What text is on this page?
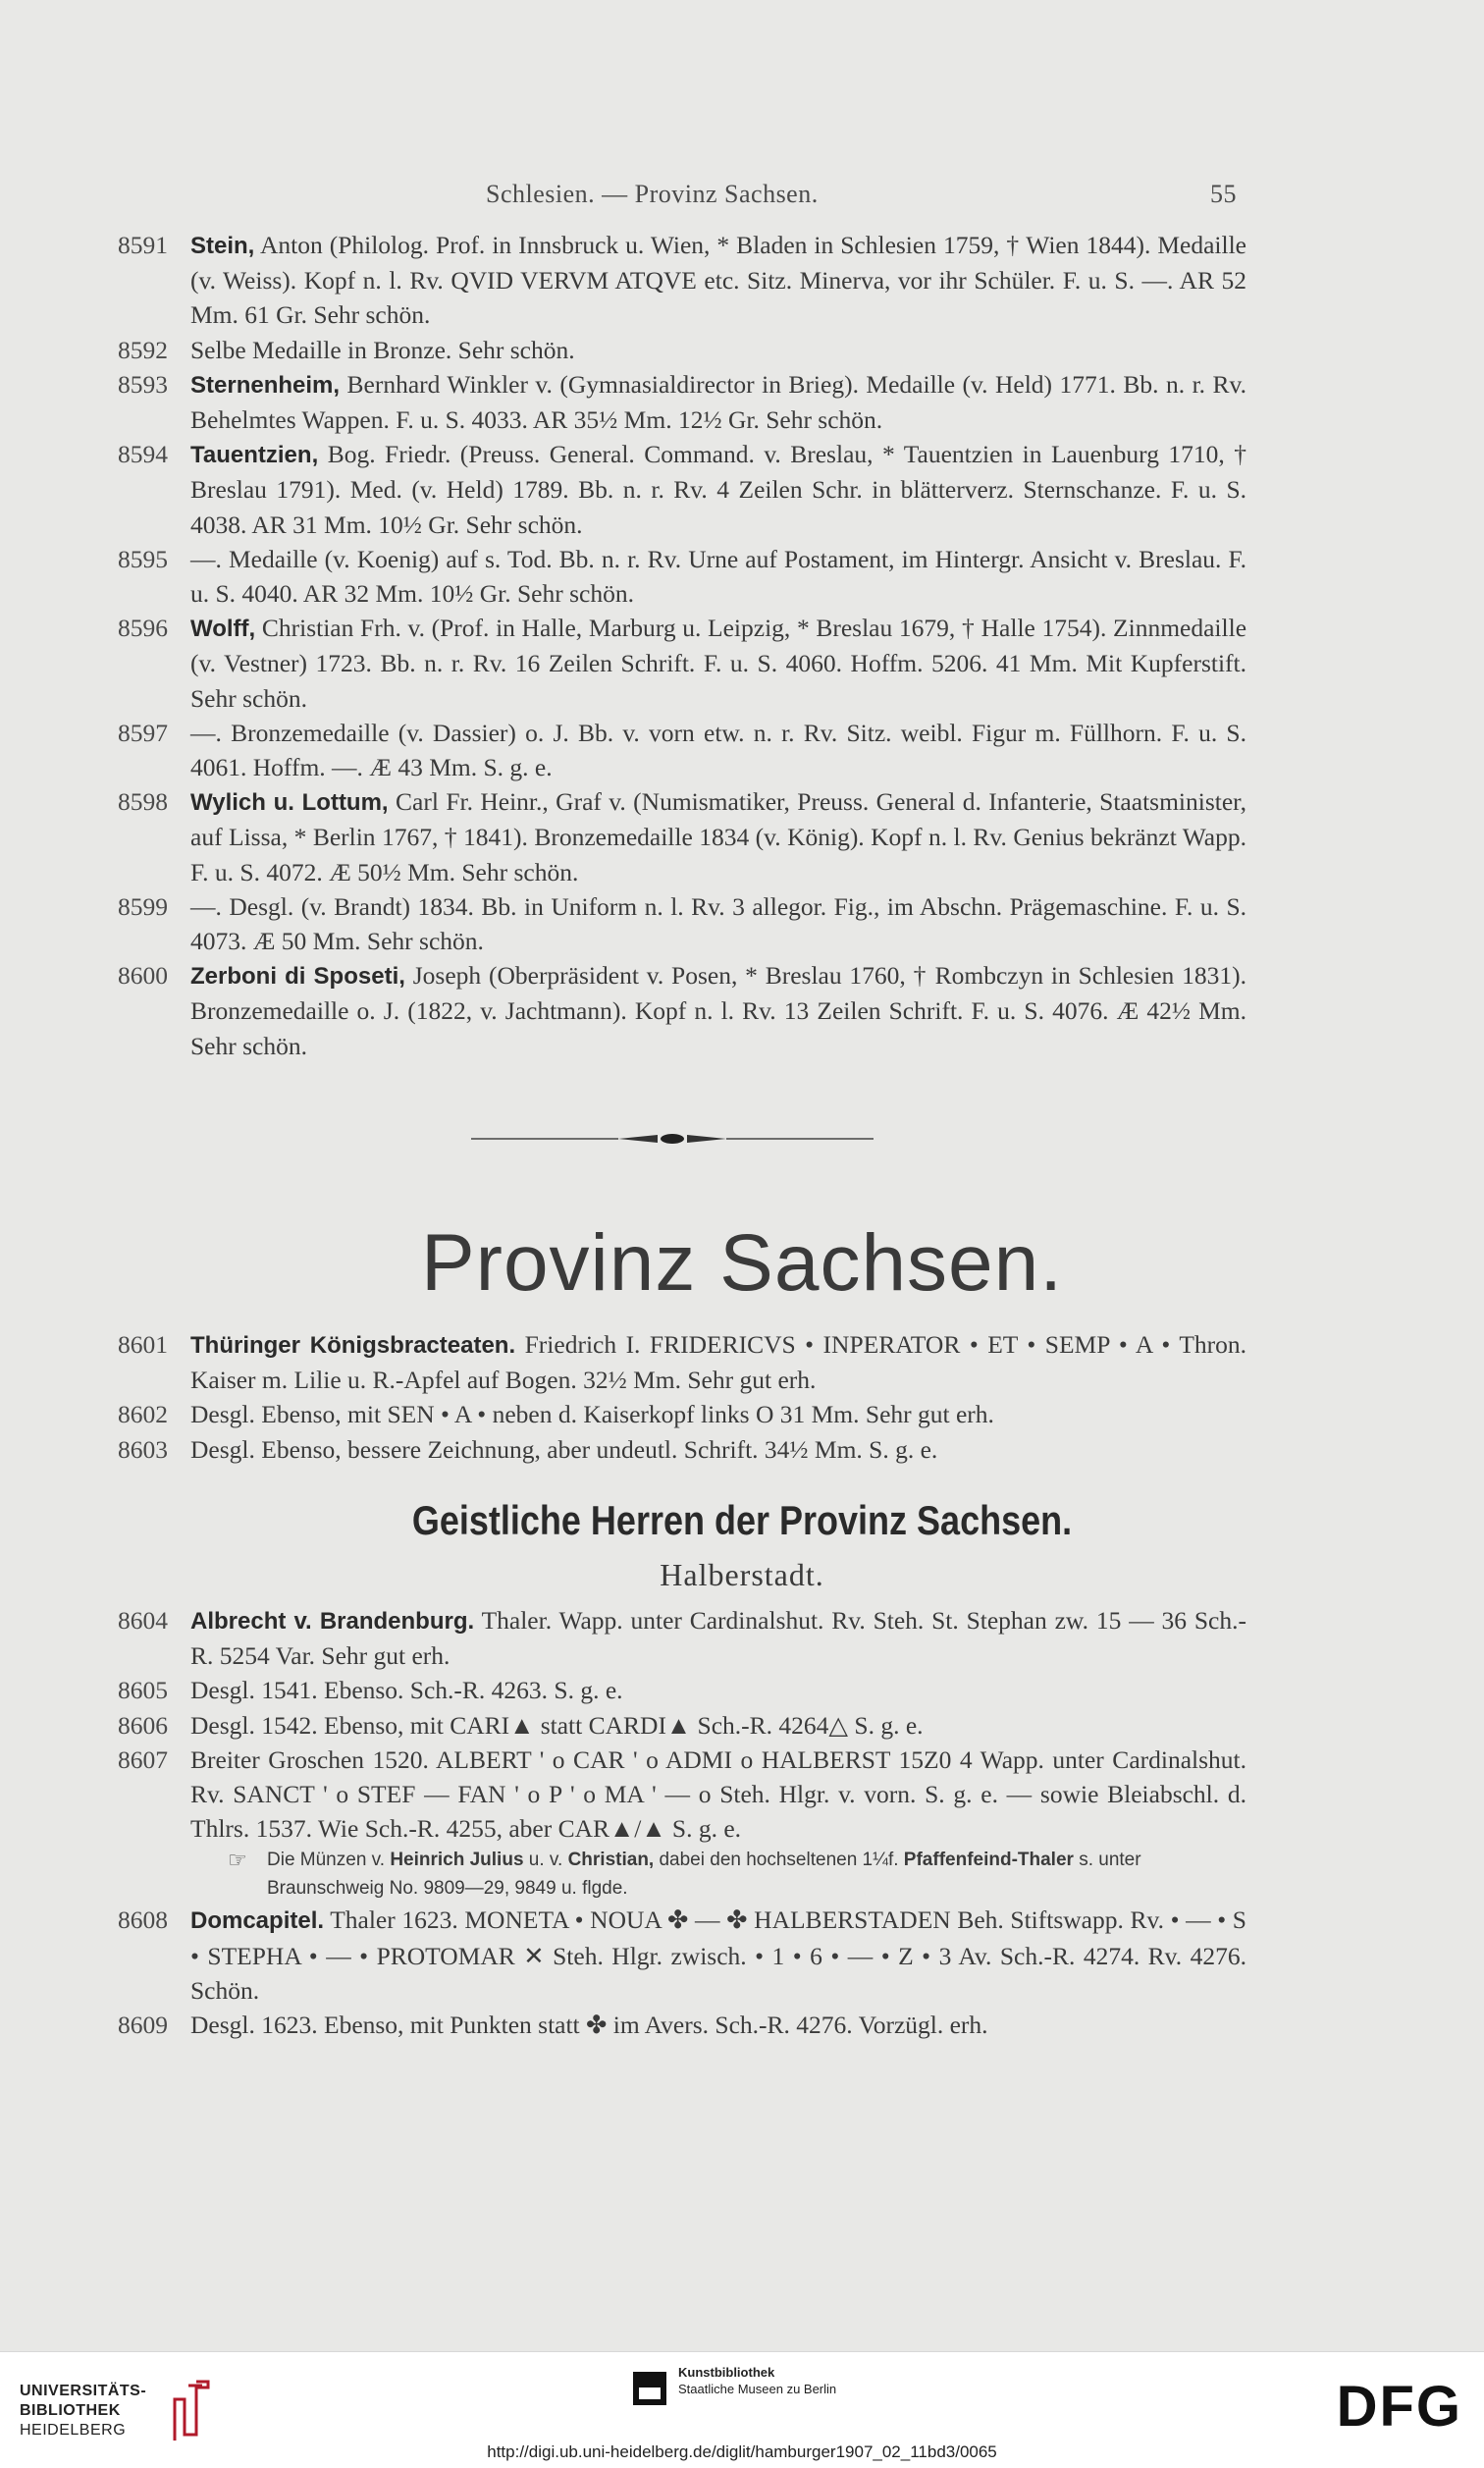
Schlesien. — Provinz Sachsen.	55
8591 Stein, Anton (Philolog. Prof. in Innsbruck u. Wien, * Bladen in Schlesien 1759, † Wien 1844). Medaille (v. Weiss). Kopf n. l. Rv. QVID VERVM ATQVE etc. Sitz. Minerva, vor ihr Schüler. F. u. S. —. AR 52 Mm. 61 Gr. Sehr schön.
8592 Selbe Medaille in Bronze. Sehr schön.
8593 Sternenheim, Bernhard Winkler v. (Gymnasialdirector in Brieg). Medaille (v. Held) 1771. Bb. n. r. Rv. Behelmtes Wappen. F. u. S. 4033. AR 35½ Mm. 12½ Gr. Sehr schön.
8594 Tauentzien, Bog. Friedr. (Preuss. General. Command. v. Breslau, * Tauentzien in Lauenburg 1710, † Breslau 1791). Med. (v. Held) 1789. Bb. n. r. Rv. 4 Zeilen Schr. in blätterverz. Sternschanze. F. u. S. 4038. AR 31 Mm. 10½ Gr. Sehr schön.
8595 —. Medaille (v. Koenig) auf s. Tod. Bb. n. r. Rv. Urne auf Postament, im Hintergr. Ansicht v. Breslau. F. u. S. 4040. AR 32 Mm. 10½ Gr. Sehr schön.
8596 Wolff, Christian Frh. v. (Prof. in Halle, Marburg u. Leipzig, * Breslau 1679, † Halle 1754). Zinnmedaille (v. Vestner) 1723. Bb. n. r. Rv. 16 Zeilen Schrift. F. u. S. 4060. Hoffm. 5206. 41 Mm. Mit Kupferstift. Sehr schön.
8597 —. Bronzemedaille (v. Dassier) o. J. Bb. v. vorn etw. n. r. Rv. Sitz. weibl. Figur m. Füllhorn. F. u. S. 4061. Hoffm. —. Æ 43 Mm. S. g. e.
8598 Wylich u. Lottum, Carl Fr. Heinr., Graf v. (Numismatiker, Preuss. General d. Infanterie, Staatsminister, auf Lissa, * Berlin 1767, † 1841). Bronzemedaille 1834 (v. König). Kopf n. l. Rv. Genius bekränzt Wapp. F. u. S. 4072. Æ 50½ Mm. Sehr schön.
8599 —. Desgl. (v. Brandt) 1834. Bb. in Uniform n. l. Rv. 3 allegor. Fig., im Abschn. Prägemaschine. F. u. S. 4073. Æ 50 Mm. Sehr schön.
8600 Zerboni di Sposeti, Joseph (Oberpräsident v. Posen, * Breslau 1760, † Rombczyn in Schlesien 1831). Bronzemedaille o. J. (1822, v. Jachtmann). Kopf n. l. Rv. 13 Zeilen Schrift. F. u. S. 4076. Æ 42½ Mm. Sehr schön.
Provinz Sachsen.
8601 Thüringer Königsbracteaten. Friedrich I. FRIDERICVS • INPERATOR • ET • SEMP • A • Thron. Kaiser m. Lilie u. R.-Apfel auf Bogen. 32½ Mm. Sehr gut erh.
8602 Desgl. Ebenso, mit SEN • A • neben d. Kaiserkopf links O 31 Mm. Sehr gut erh.
8603 Desgl. Ebenso, bessere Zeichnung, aber undeutl. Schrift. 34½ Mm. S. g. e.
Geistliche Herren der Provinz Sachsen.
Halberstadt.
8604 Albrecht v. Brandenburg. Thaler. Wapp. unter Cardinalshut. Rv. Steh. St. Stephan zw. 15 — 36 Sch.-R. 5254 Var. Sehr gut erh.
8605 Desgl. 1541. Ebenso. Sch.-R. 4263. S. g. e.
8606 Desgl. 1542. Ebenso, mit CARI▲ statt CARDI▲ Sch.-R. 4264△ S. g. e.
8607 Breiter Groschen 1520. ALBERT ' o CAR ' o ADMI o HALBERST 15Z0 4 Wapp. unter Cardinalshut. Rv. SANCT ' o STEF — FAN ' o P ' o MA ' — o Steh. Hlgr. v. vorn. S. g. e. — sowie Bleiabschl. d. Thlrs. 1537. Wie Sch.-R. 4255, aber CAR▲/▲ S. g. e.
☞ Die Münzen v. Heinrich Julius u. v. Christian, dabei den hochseltenen 1¼f. Pfaffenfeind-Thaler s. unter Braunschweig No. 9809—29, 9849 u. flgde.
8608 Domcapitel. Thaler 1623. MONETA • NOUA ✤ — ✤ HALBERSTADEN Beh. Stiftswapp. Rv. • — • S • STEPHA • — • PROTOMAR ✕ Steh. Hlgr. zwisch. • 1 • 6 • — • Z • 3 Av. Sch.-R. 4274. Rv. 4276. Schön.
8609 Desgl. 1623. Ebenso, mit Punkten statt ✤ im Avers. Sch.-R. 4276. Vorzügl. erh.
UNIVERSITÄTS-
BIBLIOTHEK
HEIDELBERG
Kunstbibliothek
Staatliche Museen zu Berlin	DFG
http://digi.ub.uni-heidelberg.de/diglit/hamburger1907_02_11bd3/0065
